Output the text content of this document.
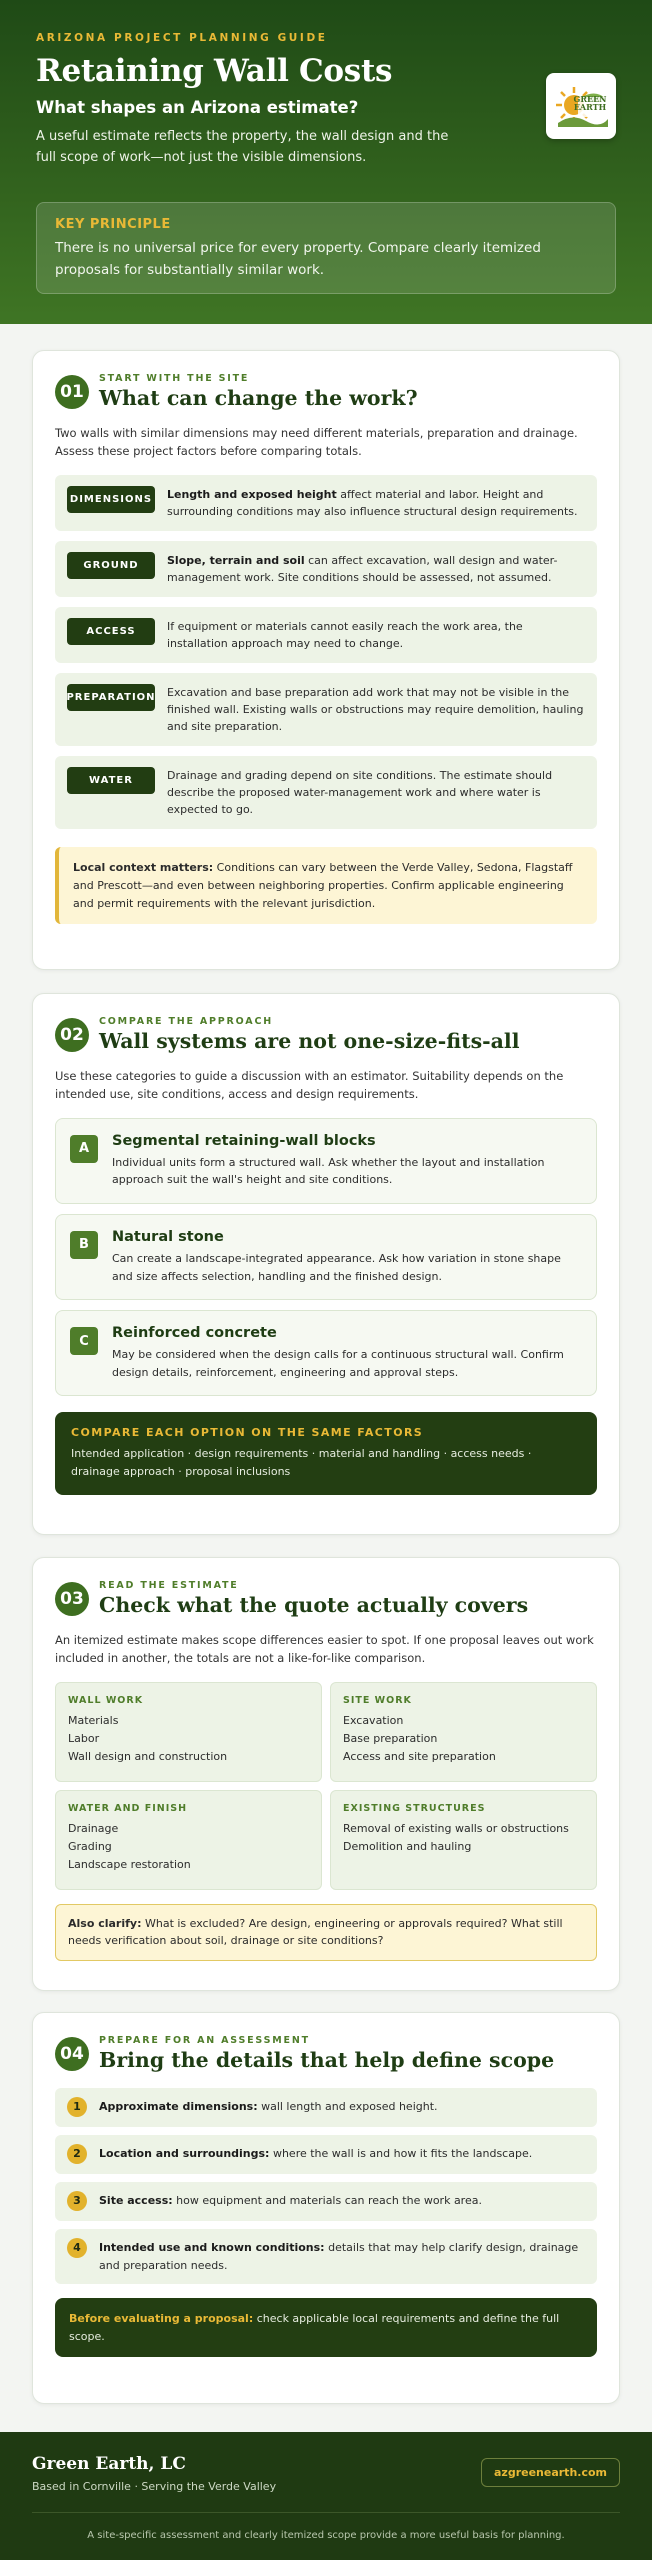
ARIZONA PROJECT PLANNING GUIDE
Retaining Wall Costs
What shapes an Arizona estimate?
A useful estimate reflects the property, the wall design and the full scope of work—not just the visible dimensions.
GREEN
EARTH
KEY PRINCIPLE
There is no universal price for every property. Compare clearly itemized proposals for substantially similar work.
01
START WITH THE SITE
What can change the work?
Two walls with similar dimensions may need different materials, preparation and drainage. Assess these project factors before comparing totals.
DIMENSIONS Length and exposed height affect material and labor. Height and surrounding conditions may also influence structural design requirements.
GROUND	Slope, terrain and soil can affect excavation, wall design and water-management work. Site conditions should be assessed, not assumed.
ACCESS	If equipment or materials cannot easily reach the work area, the installation approach may need to change.
PREPARATION Excavation and base preparation add work that may not be visible in the finished wall. Existing walls or obstructions may require demolition, hauling and site preparation.
WATER	Drainage and grading depend on site conditions. The estimate should describe the proposed water-management work and where water is expected to go.
Local context matters: Conditions can vary between the Verde Valley, Sedona, Flagstaff and Prescott—and even between neighboring properties. Confirm applicable engineering and permit requirements with the relevant jurisdiction.
02
COMPARE THE APPROACH
Wall systems are not one-size-fits-all
Use these categories to guide a discussion with an estimator. Suitability depends on the intended use, site conditions, access and design requirements.
A	Segmental retaining-wall blocks
Individual units form a structured wall. Ask whether the layout and installation approach suit the wall's height and site conditions.
B	Natural stone
Can create a landscape-integrated appearance. Ask how variation in stone shape and size affects selection, handling and the finished design.
C	Reinforced concrete
May be considered when the design calls for a continuous structural wall. Confirm design details, reinforcement, engineering and approval steps.
COMPARE EACH OPTION ON THE SAME FACTORS
Intended application · design requirements · material and handling · access needs · drainage approach · proposal inclusions
03
READ THE ESTIMATE
Check what the quote actually covers
An itemized estimate makes scope differences easier to spot. If one proposal leaves out work included in another, the totals are not a like-for-like comparison.
WALL WORK
Materials
Labor
Wall design and construction
SITE WORK
Excavation
Base preparation
Access and site preparation
WATER AND FINISH
Drainage
Grading
Landscape restoration
EXISTING STRUCTURES
Removal of existing walls or obstructions
Demolition and hauling
Also clarify: What is excluded? Are design, engineering or approvals required? What still needs verification about soil, drainage or site conditions?
04
PREPARE FOR AN ASSESSMENT
Bring the details that help define scope
1	Approximate dimensions: wall length and exposed height.
2	Location and surroundings: where the wall is and how it fits the landscape.
3	Site access: how equipment and materials can reach the work area.
4	Intended use and known conditions: details that may help clarify design, drainage and preparation needs.
Before evaluating a proposal: check applicable local requirements and define the full scope.
Green Earth, LC
Based in Cornville · Serving the Verde Valley
azgreenearth.com
A site-specific assessment and clearly itemized scope provide a more useful basis for planning.
